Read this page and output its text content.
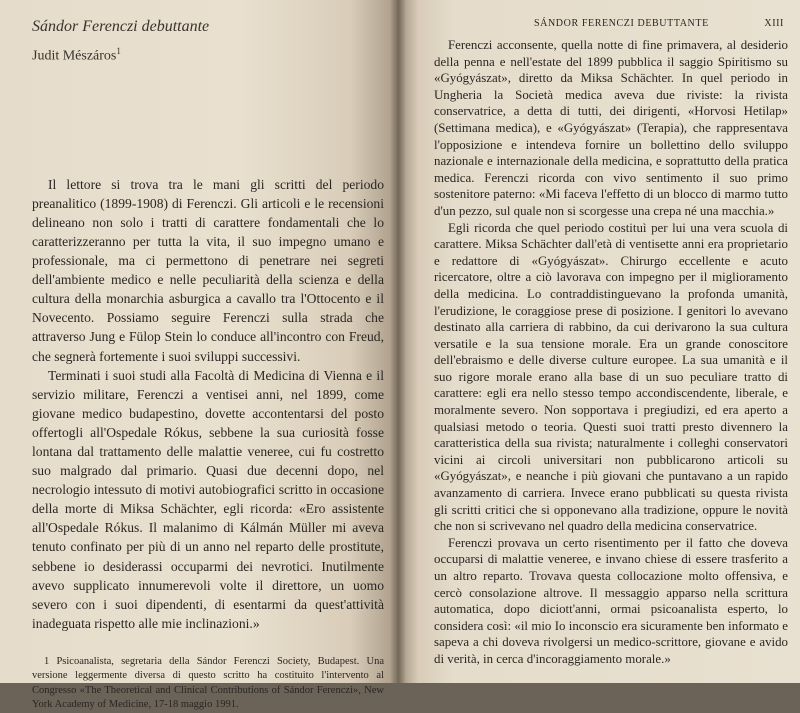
Sándor Ferenczi debuttante
Judit Mészáros$^1$

Il lettore si trova tra le mani gli scritti del periodo preanalitico (1899-1908) di Ferenczi. Gli articoli e le recensioni delineano non solo i tratti di carattere fondamentali che lo caratterizzeranno per tutta la vita, il suo impegno umano e professionale, ma ci permettono di penetrare nei segreti dell'ambiente medico e nelle peculiarità della scienza e della cultura della monarchia asburgica a cavallo tra l'Ottocento e il Novecento. Possiamo seguire Ferenczi sulla strada che attraverso Jung e Fülop Stein lo conduce all'incontro con Freud, che segnerà fortemente i suoi sviluppi successivi.

Terminati i suoi studi alla Facoltà di Medicina di Vienna e il servizio militare, Ferenczi a ventisei anni, nel 1899, come giovane medico budapestino, dovette accontentarsi del posto offertogli all'Ospedale Rókus, sebbene la sua curiosità fosse lontana dal trattamento delle malattie veneree, cui fu costretto suo malgrado dal primario. Quasi due decenni dopo, nel necrologio intessuto di motivi autobiografici scritto in occasione della morte di Miksa Schächter, egli ricorda: «Ero assistente all'Ospedale Rókus. Il malanimo di Kálmán Müller mi aveva tenuto confinato per più di un anno nel reparto delle prostitute, sebbene io desiderassi occuparmi dei nevrotici. Inutilmente avevo supplicato innumerevoli volte il direttore, un uomo severo con i suoi dipendenti, di esentarmi da quest'attività inadeguata rispetto alle mie inclinazioni.»

1 Psicoanalista, segretaria della Sándor Ferenczi Society, Budapest. Una versione leggermente diversa di questo scritto ha costituito l'intervento al Congresso «The Theoretical and Clinical Contributions of Sándor Ferenczi», New York Academy of Medicine, 17-18 maggio 1991.
SÁNDOR FERENCZI DEBUTTANTE	XIII

Ferenczi acconsente, quella notte di fine primavera, al desiderio della penna e nell'estate del 1899 pubblica il saggio Spiritismo su «Gyógyászat», diretto da Miksa Schächter. In quel periodo in Ungheria la Società medica aveva due riviste: la rivista conservatrice, a detta di tutti, dei dirigenti, «Horvosi Hetilap» (Settimana medica), e «Gyógyászat» (Terapia), che rappresentava l'opposizione e intendeva fornire un bollettino dello sviluppo nazionale e internazionale della medicina, e soprattutto della pratica medica. Ferenczi ricorda con vivo sentimento il suo primo sostenitore paterno: «Mi faceva l'effetto di un blocco di marmo tutto d'un pezzo, sul quale non si scorgesse una crepa né una macchia.»

Egli ricorda che quel periodo costituì per lui una vera scuola di carattere. Miksa Schächter dall'età di ventisette anni era proprietario e redattore di «Gyógyászat». Chirurgo eccellente e acuto ricercatore, oltre a ciò lavorava con impegno per il miglioramento della medicina. Lo contraddistinguevano la profonda umanità, l'erudizione, le coraggiose prese di posizione. I genitori lo avevano destinato alla carriera di rabbino, da cui derivarono la sua cultura versatile e la sua tensione morale. Era un grande conoscitore dell'ebraismo e delle diverse culture europee. La sua umanità e il suo rigore morale erano alla base di un suo peculiare tratto di carattere: egli era nello stesso tempo accondiscendente, liberale, e moralmente severo. Non sopportava i pregiudizi, ed era aperto a qualsiasi metodo o teoria. Questi suoi tratti presto divennero la caratteristica della sua rivista; naturalmente i colleghi conservatori vicini ai circoli universitari non pubblicarono articoli su «Gyógyászat», e neanche i più giovani che puntavano a un rapido avanzamento di carriera. Invece erano pubblicati su questa rivista gli scritti critici che si opponevano alla tradizione, oppure le novità che non si scrivevano nel quadro della medicina conservatrice.

Ferenczi provava un certo risentimento per il fatto che doveva occuparsi di malattie veneree, e invano chiese di essere trasferito a un altro reparto. Trovava questa collocazione molto offensiva, e cercò consolazione altrove. Il messaggio apparso nella scrittura automatica, dopo diciott'anni, ormai psicoanalista esperto, lo considera così: «il mio Io inconscio era sicuramente ben informato e sapeva a chi doveva rivolgersi un medico-scrittore, giovane e avido di verità, in cerca d'incoraggiamento morale.»
